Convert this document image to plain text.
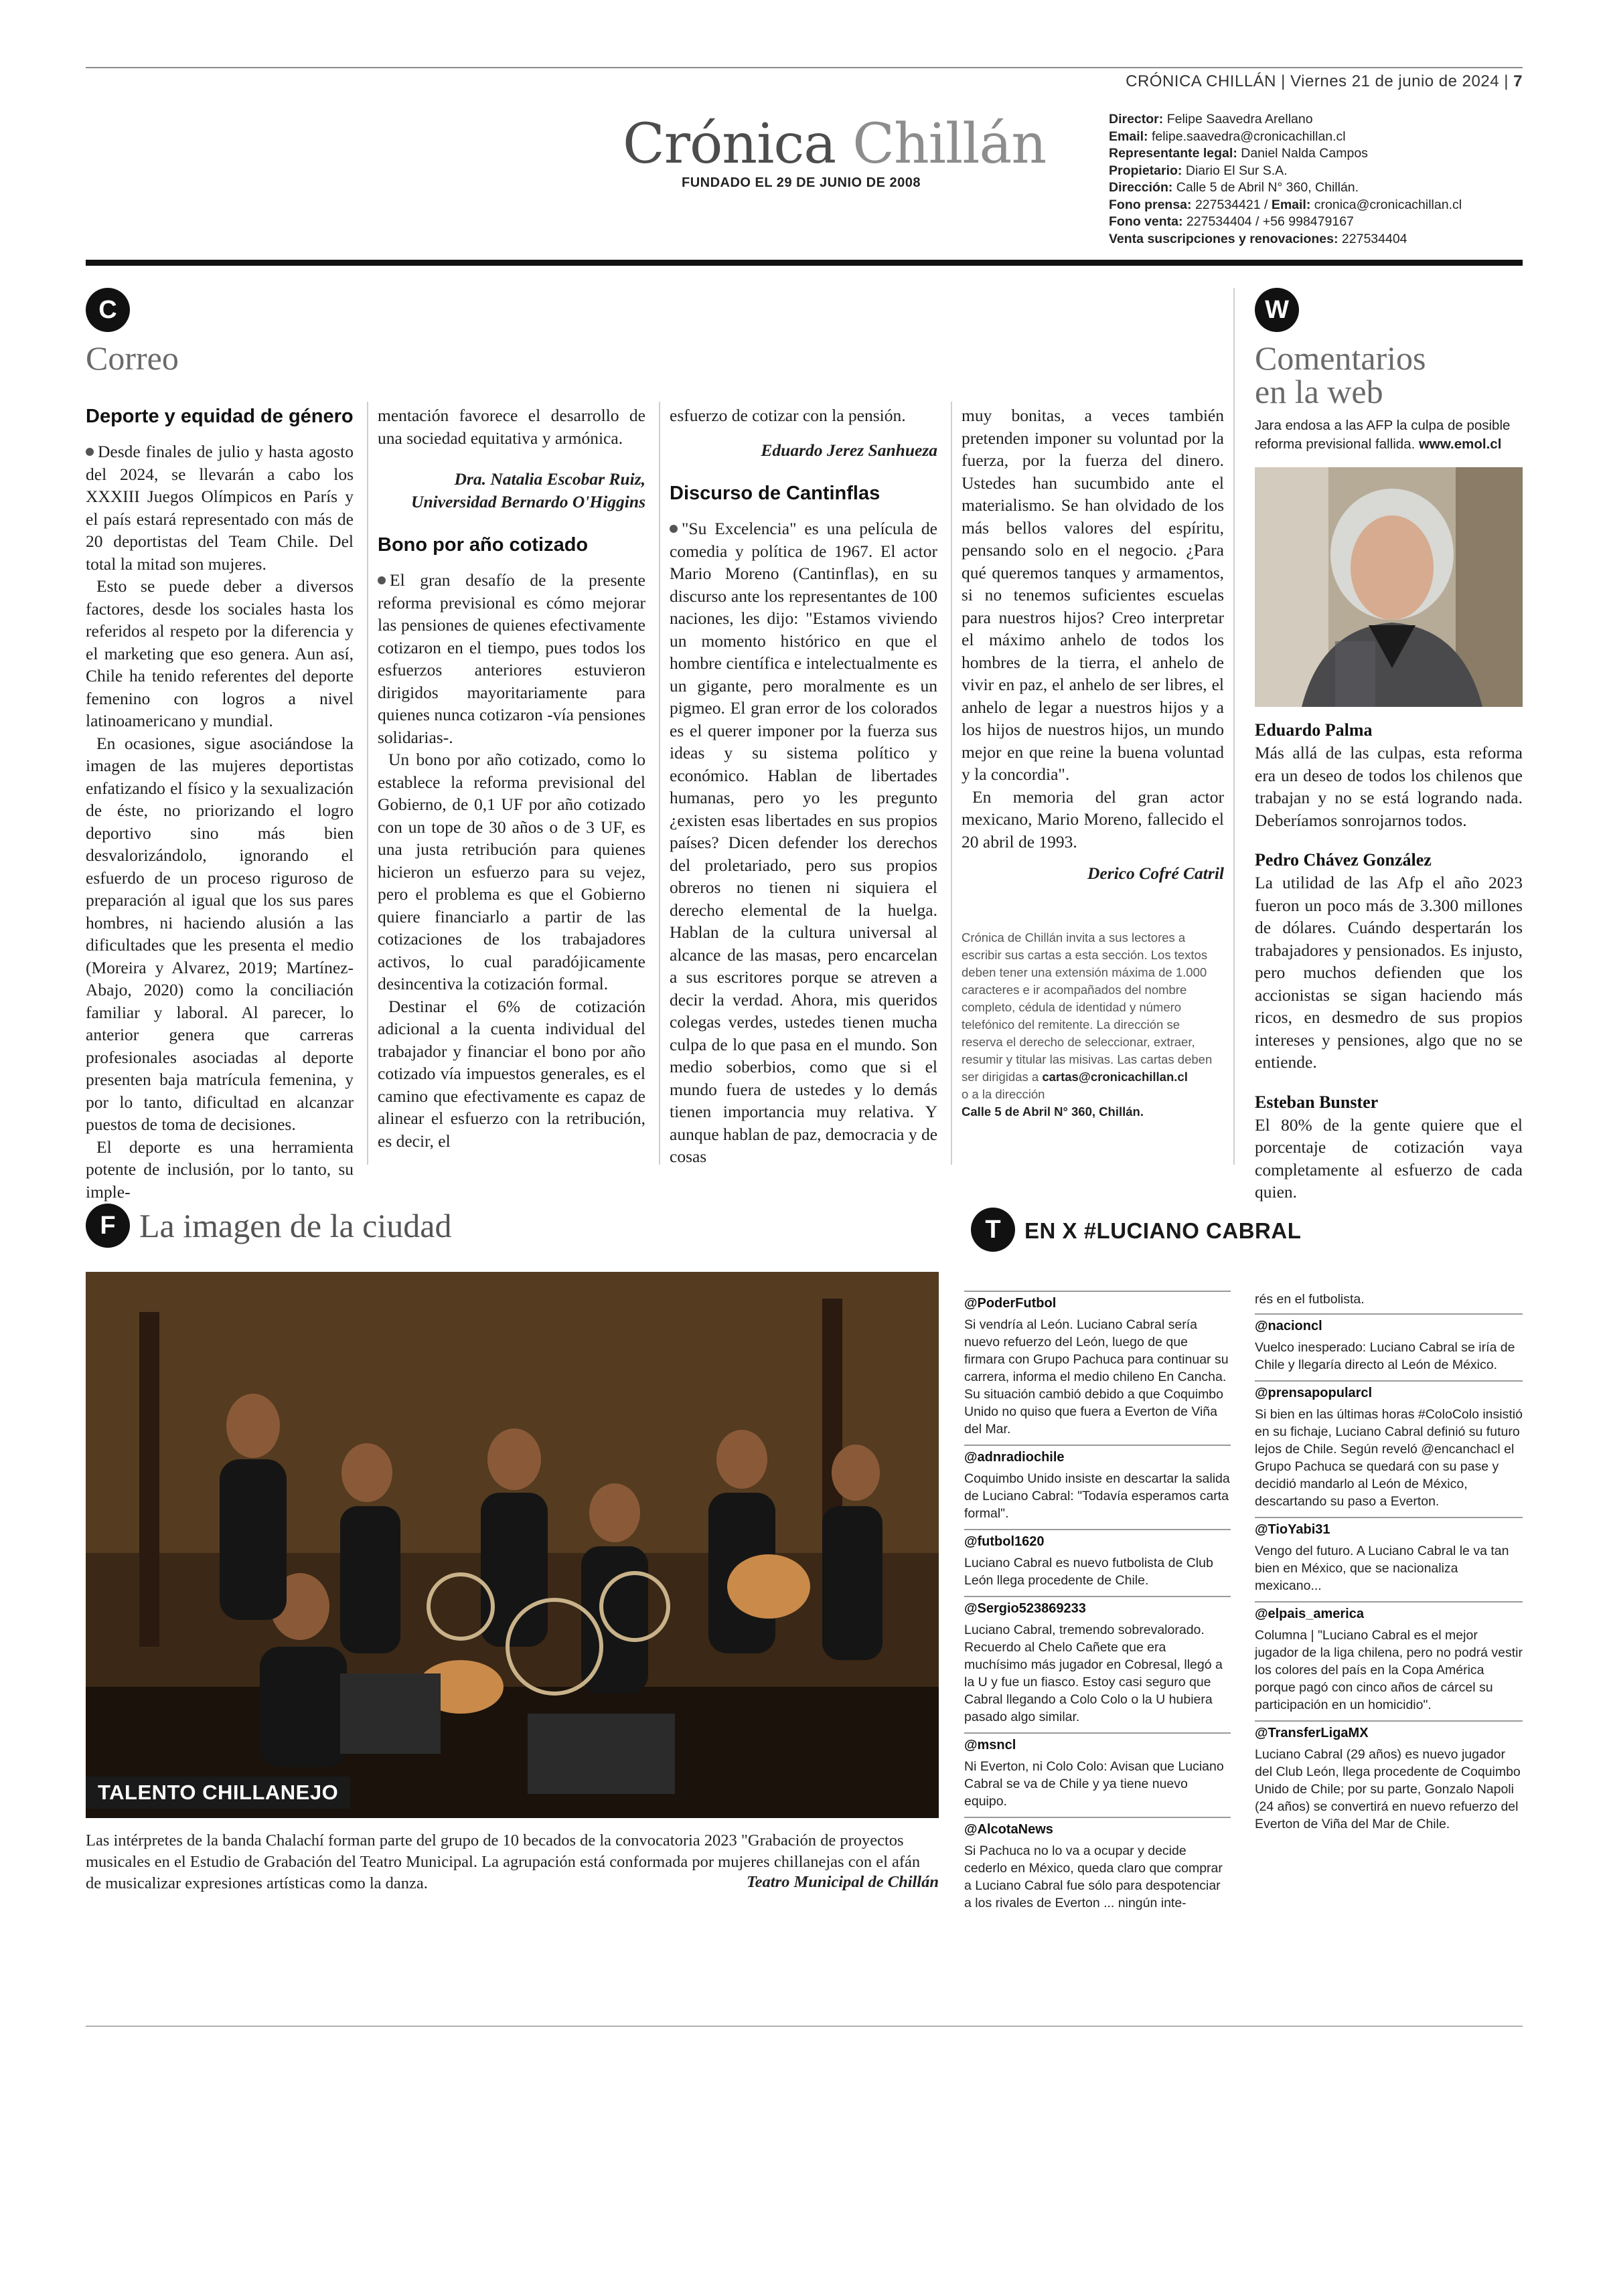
CRÓNICA CHILLÁN | Viernes 21 de junio de 2024 | 7
Crónica Chillán
FUNDADO EL 29 DE JUNIO DE 2008
Director: Felipe Saavedra Arellano
Email: felipe.saavedra@cronicachillan.cl
Representante legal: Daniel Nalda Campos
Propietario: Diario El Sur S.A.
Dirección: Calle 5 de Abril N° 360, Chillán.
Fono prensa: 227534421 / Email: cronica@cronicachillan.cl
Fono venta: 227534404 / +56 998479167
Venta suscripciones y renovaciones: 227534404
C
Correo
Deporte y equidad de género

Desde finales de julio y hasta agosto del 2024, se llevarán a cabo los XXXIII Juegos Olímpicos en París y el país estará representado con más de 20 deportistas del Team Chile. Del total la mitad son mujeres.

Esto se puede deber a diversos factores, desde los sociales hasta los referidos al respeto por la diferencia y el marketing que eso genera. Aun así, Chile ha tenido referentes del deporte femenino con logros a nivel latinoamericano y mundial.

En ocasiones, sigue asociándose la imagen de las mujeres deportistas enfatizando el físico y la sexualización de éste, no priorizando el logro deportivo sino más bien desvalorizándolo, ignorando el esfuerdo de un proceso riguroso de preparación al igual que los sus pares hombres, ni haciendo alusión a las dificultades que les presenta el medio (Moreira y Alvarez, 2019; Martínez-Abajo, 2020) como la conciliación familiar y laboral. Al parecer, lo anterior genera que carreras profesionales asociadas al deporte presenten baja matrícula femenina, y por lo tanto, dificultad en alcanzar puestos de toma de decisiones.

El deporte es una herramienta potente de inclusión, por lo tanto, su imple-

mentación favorece el desarrollo de una sociedad equitativa y armónica.

Dra. Natalia Escobar Ruiz,

Universidad Bernardo O'Higgins

Bono por año cotizado

El gran desafío de la presente reforma previsional es cómo mejorar las pensiones de quienes efectivamente cotizaron en el tiempo, pues todos los esfuerzos anteriores estuvieron dirigidos mayoritariamente para quienes nunca cotizaron -vía pensiones solidarias-.

Un bono por año cotizado, como lo establece la reforma previsional del Gobierno, de 0,1 UF por año cotizado con un tope de 30 años o de 3 UF, es una justa retribución para quienes hicieron un esfuerzo para su vejez, pero el problema es que el Gobierno quiere financiarlo a partir de las cotizaciones de los trabajadores activos, lo cual paradójicamente desincentiva la cotización formal.

Destinar el 6% de cotización adicional a la cuenta individual del trabajador y financiar el bono por año cotizado vía impuestos generales, es el camino que efectivamente es capaz de alinear el esfuerzo con la retribución, es decir, el

esfuerzo de cotizar con la pensión.

Eduardo Jerez Sanhueza

Discurso de Cantinflas

"Su Excelencia" es una película de comedia y política de 1967. El actor Mario Moreno (Cantinflas), en su discurso ante los representantes de 100 naciones, les dijo: "Estamos viviendo un momento histórico en que el hombre científica e intelectualmente es un gigante, pero moralmente es un pigmeo. El gran error de los colorados es el querer imponer por la fuerza sus ideas y su sistema político y económico. Hablan de libertades humanas, pero yo les pregunto ¿existen esas libertades en sus propios países? Dicen defender los derechos del proletariado, pero sus propios obreros no tienen ni siquiera el derecho elemental de la huelga. Hablan de la cultura universal al alcance de las masas, pero encarcelan a sus escritores porque se atreven a decir la verdad. Ahora, mis queridos colegas verdes, ustedes tienen mucha culpa de lo que pasa en el mundo. Son medio soberbios, como que si el mundo fuera de ustedes y lo demás tienen importancia muy relativa. Y aunque hablan de paz, democracia y de cosas

muy bonitas, a veces también pretenden imponer su voluntad por la fuerza, por la fuerza del dinero. Ustedes han sucumbido ante el materialismo. Se han olvidado de los más bellos valores del espíritu, pensando solo en el negocio. ¿Para qué queremos tanques y armamentos, si no tenemos suficientes escuelas para nuestros hijos? Creo interpretar el máximo anhelo de todos los hombres de la tierra, el anhelo de vivir en paz, el anhelo de ser libres, el anhelo de legar a nuestros hijos y a los hijos de nuestros hijos, un mundo mejor en que reine la buena voluntad y la concordia".

En memoria del gran actor mexicano, Mario Moreno, fallecido el 20 abril de 1993.

Derico Cofré Catril

Crónica de Chillán invita a sus lectores a escribir sus cartas a esta sección. Los textos deben tener una extensión máxima de 1.000 caracteres e ir acompañados del nombre completo, cédula de identidad y número telefónico del remitente. La dirección se reserva el derecho de seleccionar, extraer, resumir y titular las misivas. Las cartas deben ser dirigidas a cartas@cronicachillan.cl
o a la dirección
Calle 5 de Abril N° 360, Chillán.
W
Comentarios
en la web
Jara endosa a las AFP la culpa de posible reforma previsional fallida. www.emol.cl
Eduardo Palma

Más allá de las culpas, esta reforma era un deseo de todos los chilenos que trabajan y no se está logrando nada. Deberíamos sonrojarnos todos.

Pedro Chávez González

La utilidad de las Afp el año 2023 fueron un poco más de 3.300 millones de dólares. Cuándo despertarán los trabajadores y pensionados. Es injusto, pero muchos defienden que los accionistas se sigan haciendo más ricos, en desmedro de sus propios intereses y pensiones, algo que no se entiende.

Esteban Bunster

El 80% de la gente quiere que el porcentaje de cotización vaya completamente al esfuerzo de cada quien.

F La imagen de la ciudad
TALENTO CHILLANEJO
Las intérpretes de la banda Chalachí forman parte del grupo de 10 becados de la convocatoria 2023 "Grabación de proyectos musicales en el Estudio de Grabación del Teatro Municipal. La agrupación está conformada por mujeres chillanejas con el afán de musicalizar expresiones artísticas como la danza.	Teatro Municipal de Chillán
T	EN X #LUCIANO CABRAL
@PoderFutbol
Si vendría al León. Luciano Cabral sería nuevo refuerzo del León, luego de que firmara con Grupo Pachuca para continuar su carrera, informa el medio chileno En Cancha. Su situación cambió debido a que Coquimbo Unido no quiso que fuera a Everton de Viña del Mar.
@adnradiochile
Coquimbo Unido insiste en descartar la salida de Luciano Cabral: "Todavía esperamos carta formal".
@futbol1620
Luciano Cabral es nuevo futbolista de Club León llega procedente de Chile.
@Sergio523869233
Luciano Cabral, tremendo sobrevalorado. Recuerdo al Chelo Cañete que era muchísimo más jugador en Cobresal, llegó a la U y fue un fiasco. Estoy casi seguro que Cabral llegando a Colo Colo o la U hubiera pasado algo similar.
@msncl
Ni Everton, ni Colo Colo: Avisan que Luciano Cabral se va de Chile y ya tiene nuevo equipo.
@AlcotaNews
Si Pachuca no lo va a ocupar y decide cederlo en México, queda claro que comprar a Luciano Cabral fue sólo para despotenciar a los rivales de Everton ... ningún inte-
rés en el futbolista.
@nacioncl
Vuelco inesperado: Luciano Cabral se iría de Chile y llegaría directo al León de México.
@prensapopularcl
Si bien en las últimas horas #ColoColo insistió en su fichaje, Luciano Cabral definió su futuro lejos de Chile. Según reveló @encanchacl el Grupo Pachuca se quedará con su pase y decidió mandarlo al León de México, descartando su paso a Everton.
@TioYabi31
Vengo del futuro. A Luciano Cabral le va tan bien en México, que se nacionaliza mexicano...
@elpais_america
Columna | "Luciano Cabral es el mejor jugador de la liga chilena, pero no podrá vestir los colores del país en la Copa América porque pagó con cinco años de cárcel su participación en un homicidio".
@TransferLigaMX
Luciano Cabral (29 años) es nuevo jugador del Club León, llega procedente de Coquimbo Unido de Chile; por su parte, Gonzalo Napoli (24 años) se convertirá en nuevo refuerzo del Everton de Viña del Mar de Chile.
